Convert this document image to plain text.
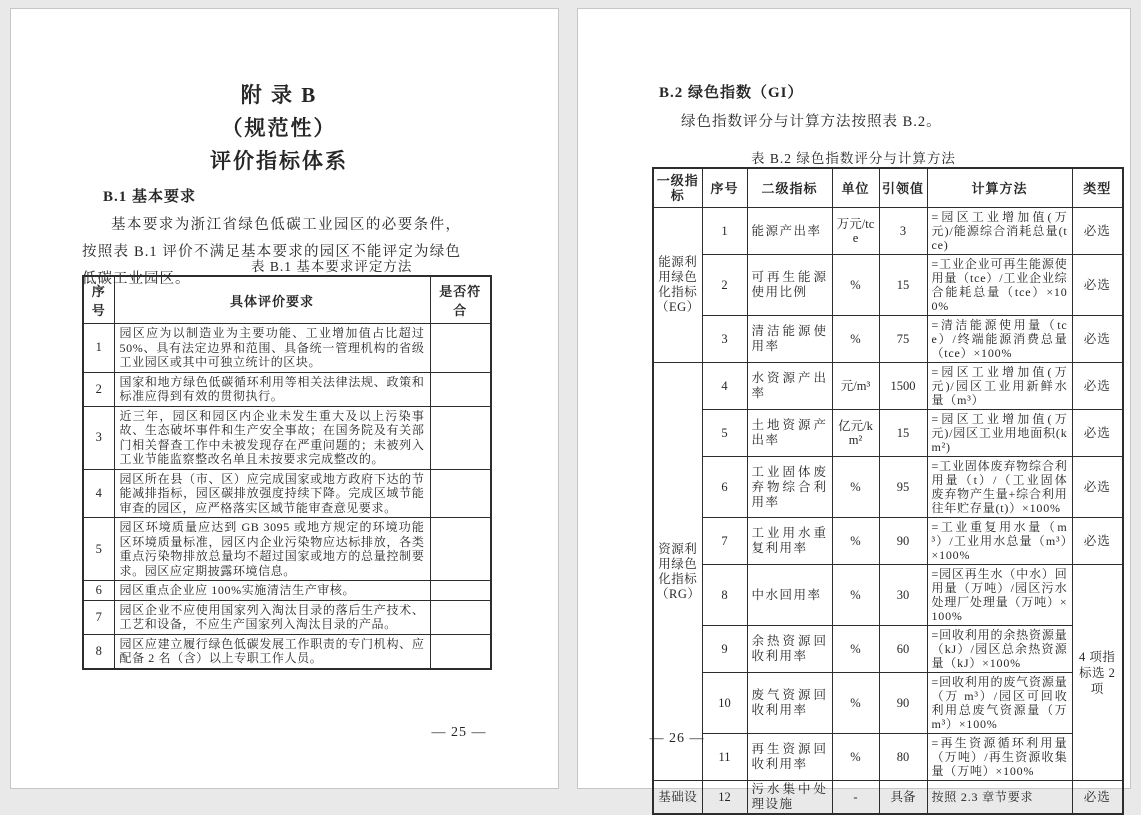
附 录 B
（规范性）
评价指标体系
B.1 基本要求

基本要求为浙江省绿色低碳工业园区的必要条件，按照表 B.1 评价不满足基本要求的园区不能评定为绿色低碳工业园区。

表 B.1 基本要求评定方法
序号	具体评价要求	是否符合
1	园区应为以制造业为主要功能、工业增加值占比超过 50%、具有法定边界和范围、具备统一管理机构的省级工业园区或其中可独立统计的区块。	
2	国家和地方绿色低碳循环利用等相关法律法规、政策和标准应得到有效的贯彻执行。	
3	近三年，园区和园区内企业未发生重大及以上污染事故、生态破坏事件和生产安全事故；在国务院及有关部门相关督查工作中未被发现存在严重问题的；未被列入工业节能监察整改名单且未按要求完成整改的。	
4	园区所在县（市、区）应完成国家或地方政府下达的节能减排指标，园区碳排放强度持续下降。完成区域节能审查的园区，应严格落实区域节能审查意见要求。	
5	园区环境质量应达到 GB 3095 或地方规定的环境功能区环境质量标准，园区内企业污染物应达标排放，各类重点污染物排放总量均不超过国家或地方的总量控制要求。园区应定期披露环境信息。	
6	园区重点企业应 100%实施清洁生产审核。	
7	园区企业不应使用国家列入淘汰目录的落后生产技术、工艺和设备，不应生产国家列入淘汰目录的产品。	
8	园区应建立履行绿色低碳发展工作职责的专门机构、应配备 2 名（含）以上专职工作人员。	
— 25 —
B.2 绿色指数（GI）

绿色指数评分与计算方法按照表 B.2。

表 B.2 绿色指数评分与计算方法
一级指标	序号	二级指标	单位	引领值	计算方法	类型
能源利用绿色化指标（EG）	1	能源产出率	万元/tce	3	=园区工业增加值(万元)/能源综合消耗总量(tce)	必选
	2	可再生能源使用比例	%	15	=工业企业可再生能源使用量（tce）/工业企业综合能耗总量（tce）×100%	必选
	3	清洁能源使用率	%	75	=清洁能源使用量（tce）/终端能源消费总量（tce）×100%	必选
资源利用绿色化指标（RG）	4	水资源产出率	元/m³	1500	=园区工业增加值(万元)/园区工业用新鲜水量（m³）	必选
	5	土地资源产出率	亿元/km²	15	=园区工业增加值(万元)/园区工业用地面积(km²)	必选
	6	工业固体废弃物综合利用率	%	95	=工业固体废弃物综合利用量（t）/（工业固体废弃物产生量+综合利用往年贮存量(t)）×100%	必选
	7	工业用水重复利用率	%	90	=工业重复用水量（m³）/工业用水总量（m³）×100%	必选
	8	中水回用率	%	30	=园区再生水（中水）回用量（万吨）/园区污水处理厂处理量（万吨）×100%	4 项指标选 2 项
	9	余热资源回收利用率	%	60	=回收利用的余热资源量（kJ）/园区总余热资源量（kJ）×100%	
	10	废气资源回收利用率	%	90	=回收利用的废气资源量（万 m³）/园区可回收利用总废气资源量（万 m³）×100%	
	11	再生资源回收利用率	%	80	=再生资源循环利用量（万吨）/再生资源收集量（万吨）×100%	
基础设	12	污水集中处理设施	-	具备	按照 2.3 章节要求	必选
— 26 —
